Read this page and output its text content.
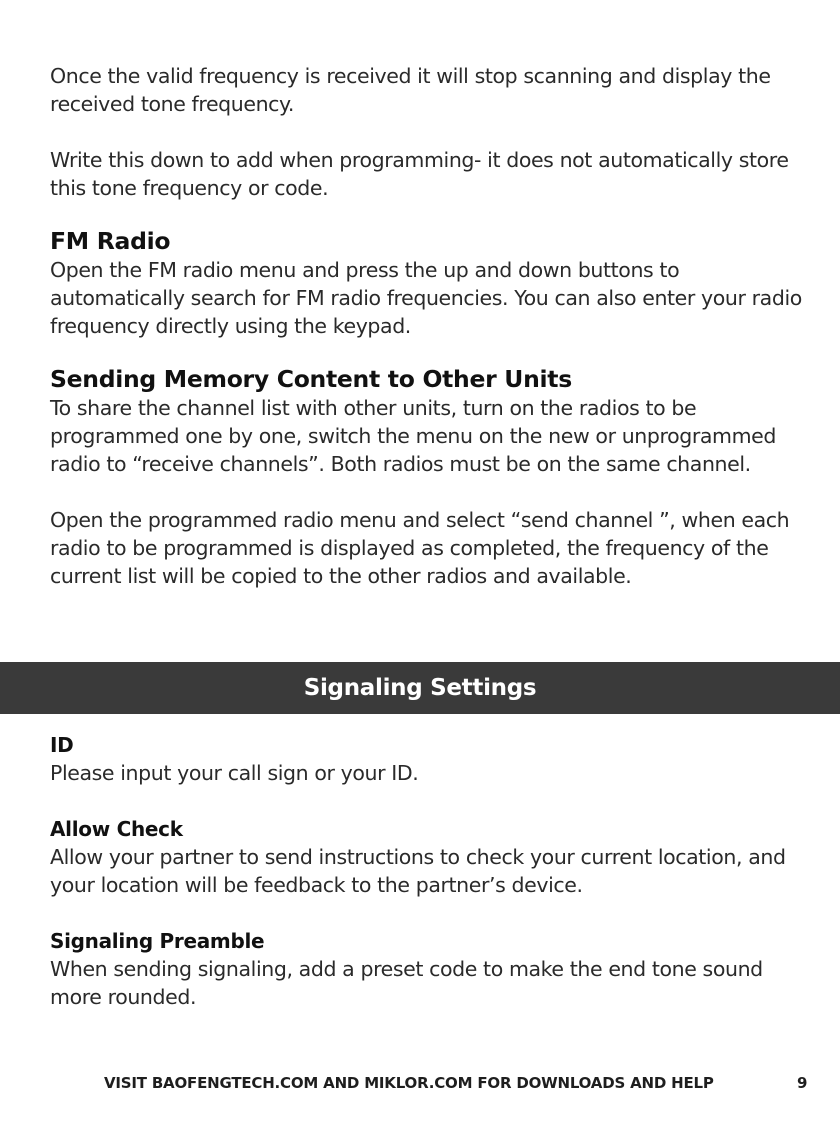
Once the valid frequency is received it will stop scanning and display the received tone frequency.

Write this down to add when programming- it does not automatically store this tone frequency or code.

FM Radio

Open the FM radio menu and press the up and down buttons to automatically search for FM radio frequencies. You can also enter your radio frequency directly using the keypad.

Sending Memory Content to Other Units

To share the channel list with other units, turn on the radios to be programmed one by one, switch the menu on the new or unprogrammed radio to “receive channels”. Both radios must be on the same channel.

Open the programmed radio menu and select “send channel ”, when each radio to be programmed is displayed as completed, the frequency of the current list will be copied to the other radios and available.

Signaling Settings
ID

Please input your call sign or your ID.

Allow Check

Allow your partner to send instructions to check your current location, and your location will be feedback to the partner’s device.

Signaling Preamble

When sending signaling, add a preset code to make the end tone sound more rounded.

VISIT BAOFENGTECH.COM AND MIKLOR.COM FOR DOWNLOADS AND HELP	9
